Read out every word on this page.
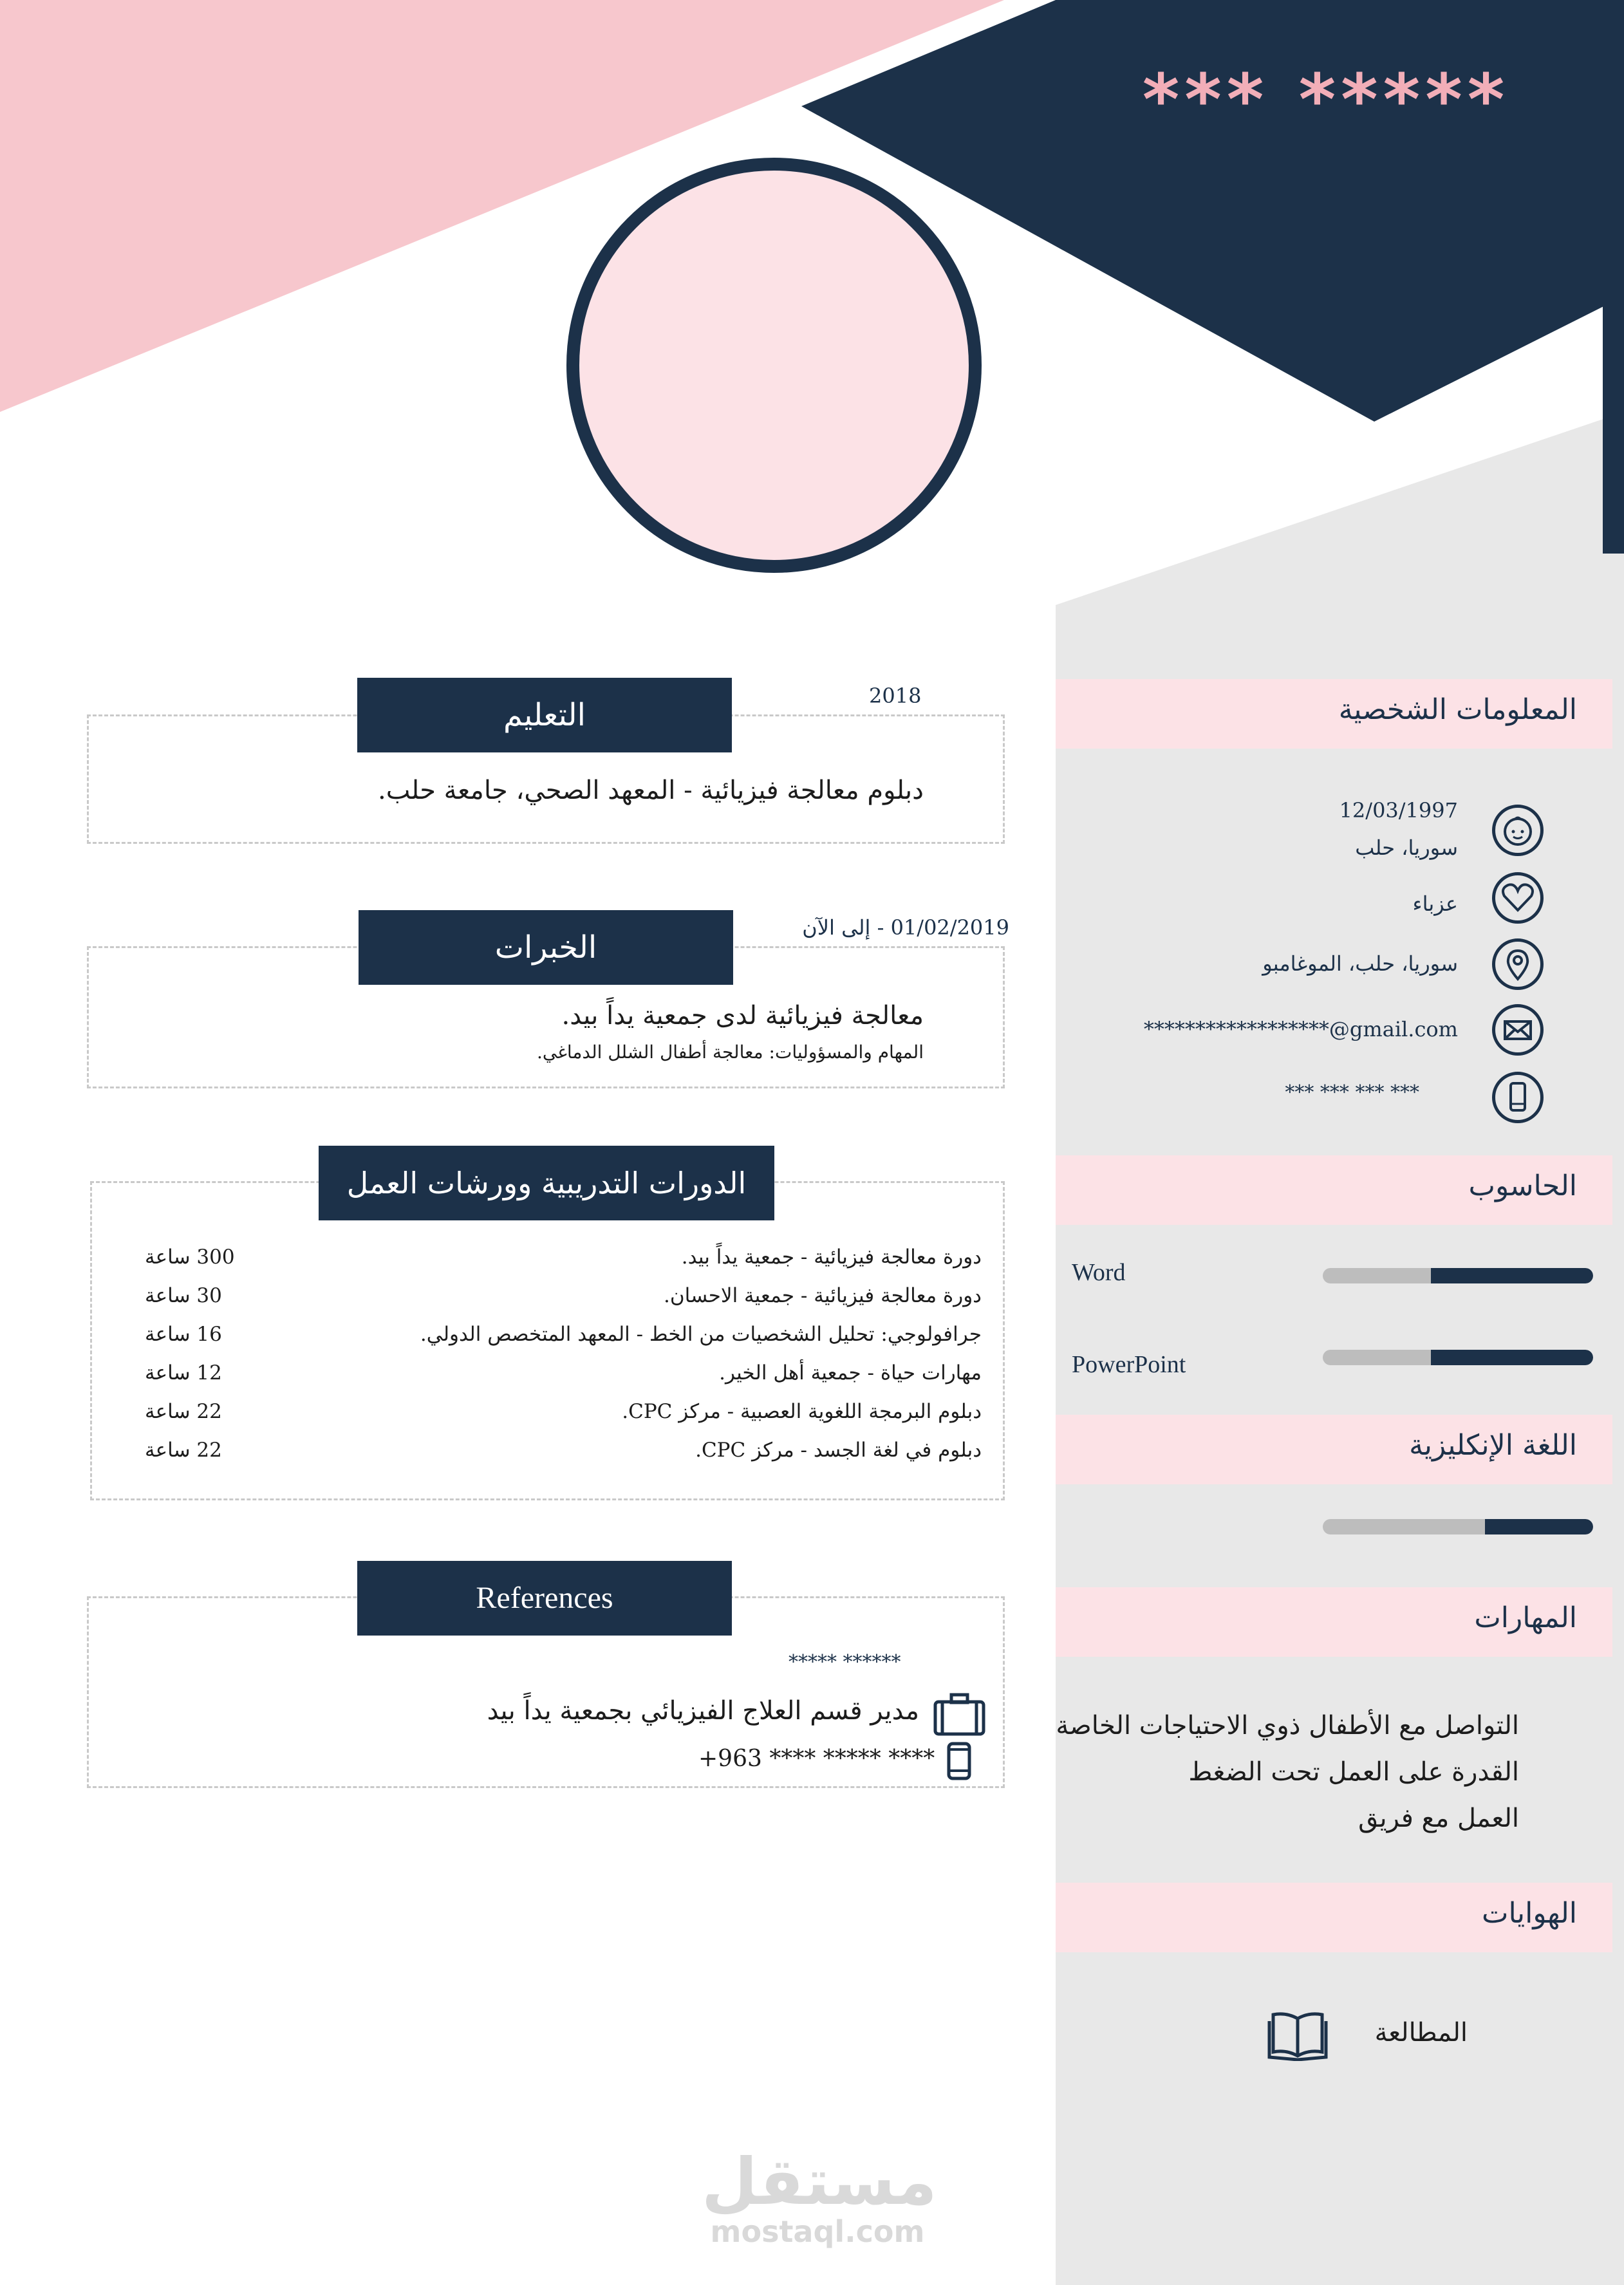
*** *****
التعليم
2018
دبلوم معالجة فيزيائية - المعهد الصحي، جامعة حلب.
الخبرات
01/02/2019 - إلى الآن
معالجة فيزيائية لدى جمعية يداً بيد.
المهام والمسؤوليات: معالجة أطفال الشلل الدماغي.
الدورات التدريبية وورشات العمل
دورة معالجة فيزيائية - جمعية يداً بيد.
300 ساعة
دورة معالجة فيزيائية - جمعية الاحسان.
30 ساعة
جرافولوجي: تحليل الشخصيات من الخط - المعهد المتخصص الدولي.
16 ساعة
مهارات حياة - جمعية أهل الخير.
12 ساعة
دبلوم البرمجة اللغوية العصبية - مركز CPC.
22 ساعة
دبلوم في لغة الجسد - مركز CPC.
22 ساعة
References
***** ******
مدير قسم العلاج الفيزيائي بجمعية يداً بيد
+963 **** ***** ****
المعلومات الشخصية
12/03/1997
سوريا، حلب
عزباء
سوريا، حلب، الموغامبو
******************@gmail.com
*** *** *** ***
الحاسوب
Word
PowerPoint
اللغة الإنكليزية
المهارات
التواصل مع الأطفال ذوي الاحتياجات الخاصة
القدرة على العمل تحت الضغط
العمل مع فريق
الهوايات
المطالعة
مستقل
mostaql.com
